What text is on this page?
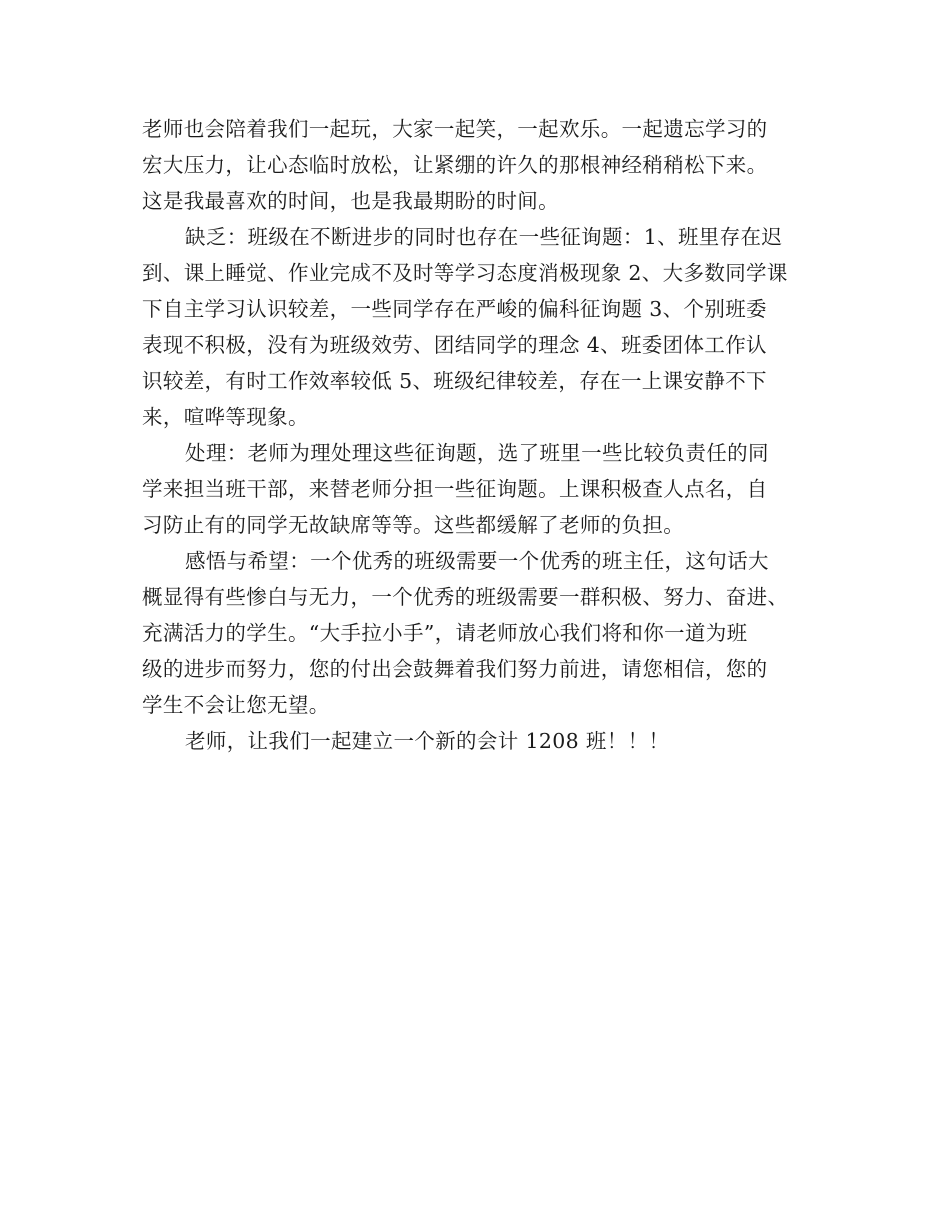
老师也会陪着我们一起玩，大家一起笑，一起欢乐。一起遗忘学习的

宏大压力，让心态临时放松，让紧绷的许久的那根神经稍稍松下来。

这是我最喜欢的时间，也是我最期盼的时间。

缺乏：班级在不断进步的同时也存在一些征询题：1、班里存在迟

到、课上睡觉、作业完成不及时等学习态度消极现象 2、大多数同学课

下自主学习认识较差，一些同学存在严峻的偏科征询题 3、个别班委

表现不积极，没有为班级效劳、团结同学的理念 4、班委团体工作认

识较差，有时工作效率较低 5、班级纪律较差，存在一上课安静不下

来，喧哗等现象。

处理：老师为理处理这些征询题，选了班里一些比较负责任的同

学来担当班干部，来替老师分担一些征询题。上课积极查人点名，自

习防止有的同学无故缺席等等。这些都缓解了老师的负担。

感悟与希望：一个优秀的班级需要一个优秀的班主任，这句话大

概显得有些惨白与无力，一个优秀的班级需要一群积极、努力、奋进、

充满活力的学生。“大手拉小手”，请老师放心我们将和你一道为班

级的进步而努力，您的付出会鼓舞着我们努力前进，请您相信，您的

学生不会让您无望。

老师，让我们一起建立一个新的会计 1208 班！！！
